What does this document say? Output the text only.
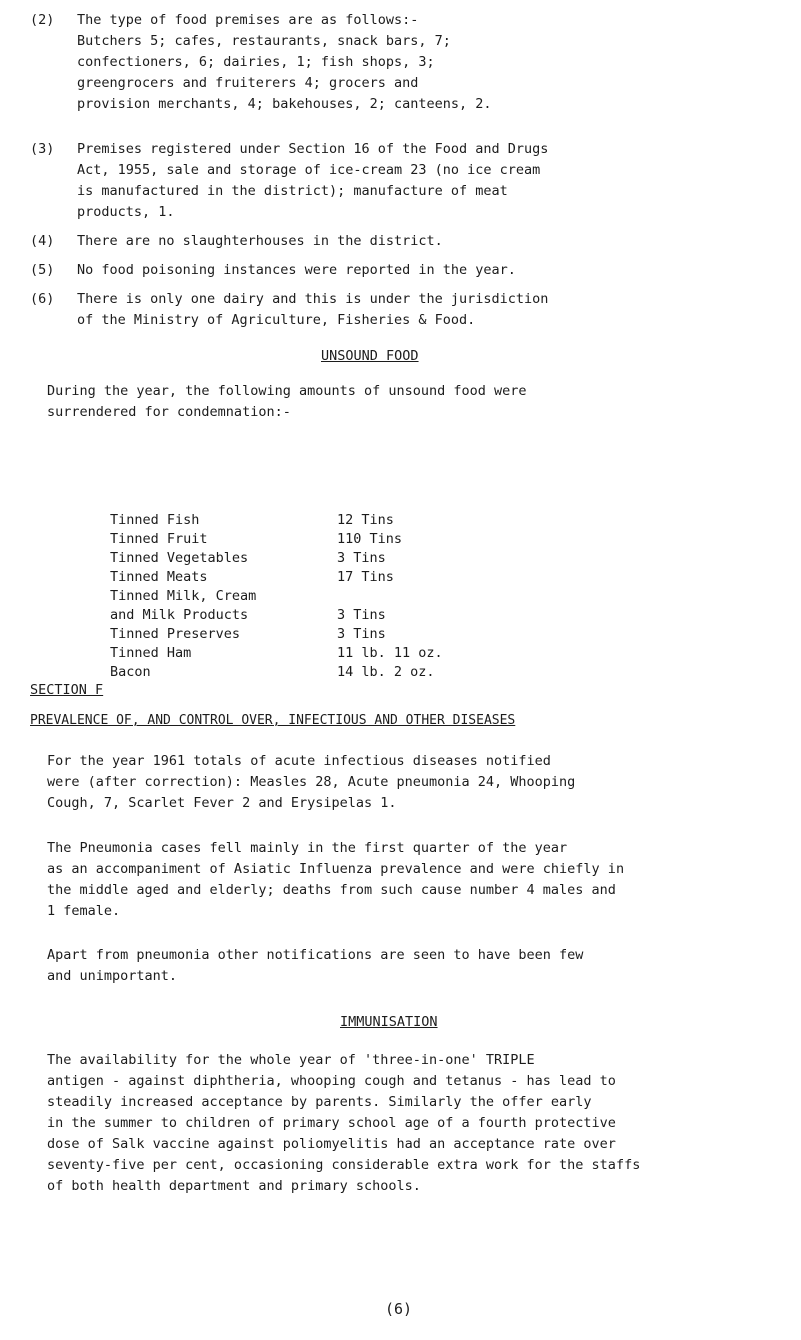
(2)	The type of food premises are as follows:-
Butchers 5; cafes, restaurants, snack bars, 7;
confectioners, 6; dairies, 1; fish shops, 3;
greengrocers and fruiterers 4; grocers and
provision merchants, 4; bakehouses, 2; canteens, 2.
(3)	Premises registered under Section 16 of the Food and Drugs
Act, 1955, sale and storage of ice-cream 23 (no ice cream
is manufactured in the district); manufacture of meat
products, 1.
(4)	There are no slaughterhouses in the district.
(5)	No food poisoning instances were reported in the year.
(6)	There is only one dairy and this is under the jurisdiction
of the Ministry of Agriculture, Fisheries & Food.
UNSOUND FOOD
During the year, the following amounts of unsound food were
surrendered for condemnation:-
Tinned Fish	12 Tins
Tinned Fruit	110 Tins
Tinned Vegetables	3 Tins
Tinned Meats	17 Tins
Tinned Milk, Cream
and Milk Products	3 Tins
Tinned Preserves	3 Tins
Tinned Ham	11 lb. 11 oz.
Bacon	14 lb. 2 oz.
SECTION F
PREVALENCE OF, AND CONTROL OVER, INFECTIOUS AND OTHER DISEASES
For the year 1961 totals of acute infectious diseases notified
were (after correction): Measles 28, Acute pneumonia 24, Whooping
Cough, 7, Scarlet Fever 2 and Erysipelas 1.
The Pneumonia cases fell mainly in the first quarter of the year
as an accompaniment of Asiatic Influenza prevalence and were chiefly in
the middle aged and elderly; deaths from such cause number 4 males and
1 female.
Apart from pneumonia other notifications are seen to have been few
and unimportant.
IMMUNISATION
The availability for the whole year of 'three-in-one' TRIPLE
antigen - against diphtheria, whooping cough and tetanus - has lead to
steadily increased acceptance by parents. Similarly the offer early
in the summer to children of primary school age of a fourth protective
dose of Salk vaccine against poliomyelitis had an acceptance rate over
seventy-five per cent, occasioning considerable extra work for the staffs
of both health department and primary schools.
(6)
